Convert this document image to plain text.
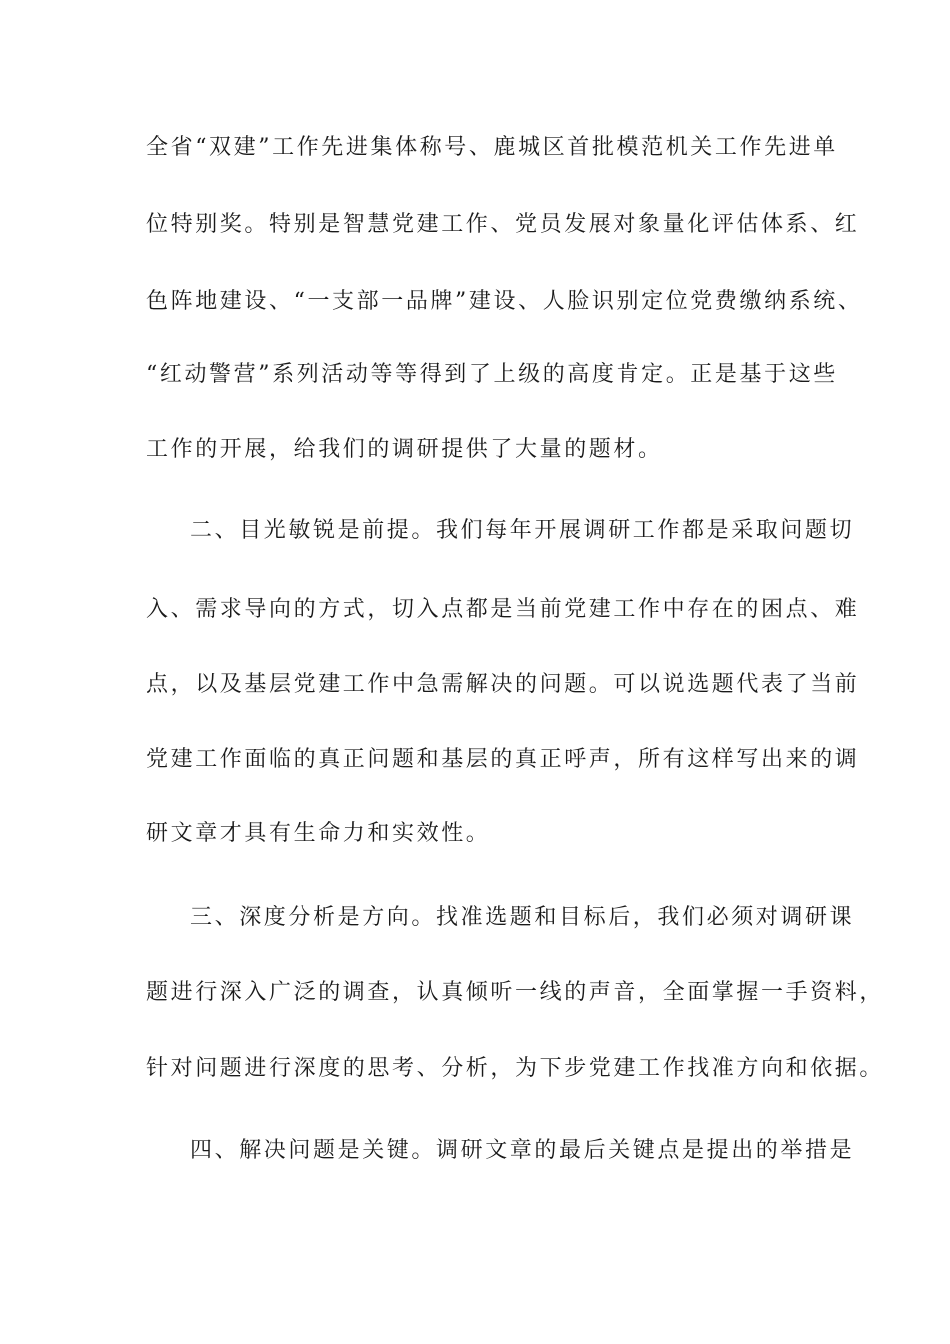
全省“双建”工作先进集体称号、鹿城区首批模范机关工作先进单
位特别奖。特别是智慧党建工作、党员发展对象量化评估体系、红
色阵地建设、“一支部一品牌”建设、人脸识别定位党费缴纳系统、
“红动警营”系列活动等等得到了上级的高度肯定。正是基于这些
工作的开展，给我们的调研提供了大量的题材。
二、目光敏锐是前提。我们每年开展调研工作都是采取问题切
入、需求导向的方式，切入点都是当前党建工作中存在的困点、难
点，以及基层党建工作中急需解决的问题。可以说选题代表了当前
党建工作面临的真正问题和基层的真正呼声，所有这样写出来的调
研文章才具有生命力和实效性。
三、深度分析是方向。找准选题和目标后，我们必须对调研课
题进行深入广泛的调查，认真倾听一线的声音，全面掌握一手资料，
针对问题进行深度的思考、分析，为下步党建工作找准方向和依据。
四、解决问题是关键。调研文章的最后关键点是提出的举措是
